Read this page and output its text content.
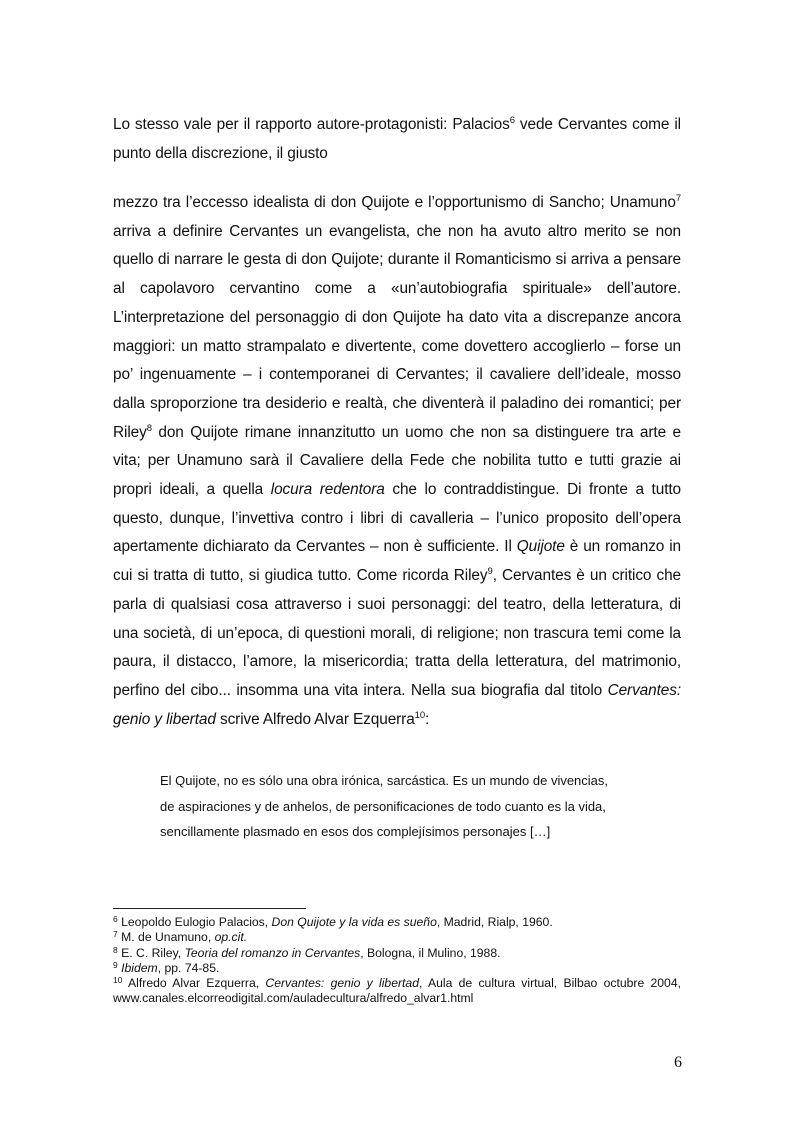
Lo stesso vale per il rapporto autore-protagonisti: Palacios$^6$ vede Cervantes come il punto della discrezione, il giusto

mezzo tra l’eccesso idealista di don Quijote e l’opportunismo di Sancho; Unamuno$^7$ arriva a definire Cervantes un evangelista, che non ha avuto altro merito se non quello di narrare le gesta di don Quijote; durante il Romanticismo si arriva a pensare al capolavoro cervantino come a «un’autobiografia spirituale» dell’autore. L’interpretazione del personaggio di don Quijote ha dato vita a discrepanze ancora maggiori: un matto strampalato e divertente, come dovettero accoglierlo – forse un po’ ingenuamente – i contemporanei di Cervantes; il cavaliere dell’ideale, mosso dalla sproporzione tra desiderio e realtà, che diventerà il paladino dei romantici; per Riley$^8$ don Quijote rimane innanzitutto un uomo che non sa distinguere tra arte e vita; per Unamuno sarà il Cavaliere della Fede che nobilita tutto e tutti grazie ai propri ideali, a quella locura redentora che lo contraddistingue. Di fronte a tutto questo, dunque, l’invettiva contro i libri di cavalleria – l’unico proposito dell’opera apertamente dichiarato da Cervantes – non è sufficiente. Il Quijote è un romanzo in cui si tratta di tutto, si giudica tutto. Come ricorda Riley$^9$, Cervantes è un critico che parla di qualsiasi cosa attraverso i suoi personaggi: del teatro, della letteratura, di una società, di un’epoca, di questioni morali, di religione; non trascura temi come la paura, il distacco, l’amore, la misericordia; tratta della letteratura, del matrimonio, perfino del cibo... insomma una vita intera. Nella sua biografia dal titolo Cervantes: genio y libertad scrive Alfredo Alvar Ezquerra$^{10}$:

El Quijote, no es sólo una obra irónica, sarcástica. Es un mundo de vivencias,
de aspiraciones y de anhelos, de personificaciones de todo cuanto es la vida,
sencillamente plasmado en esos dos complejísimos personajes […]
$^6$ Leopoldo Eulogio Palacios, Don Quijote y la vida es sueño, Madrid, Rialp, 1960.
$^7$ M. de Unamuno, op.cit.
$^8$ E. C. Riley, Teoria del romanzo in Cervantes, Bologna, il Mulino, 1988.
$^9$ Ibidem, pp. 74-85.
$^{10}$ Alfredo Alvar Ezquerra, Cervantes: genio y libertad, Aula de cultura virtual, Bilbao octubre 2004, www.canales.elcorreodigital.com/auladecultura/alfredo_alvar1.html
6
